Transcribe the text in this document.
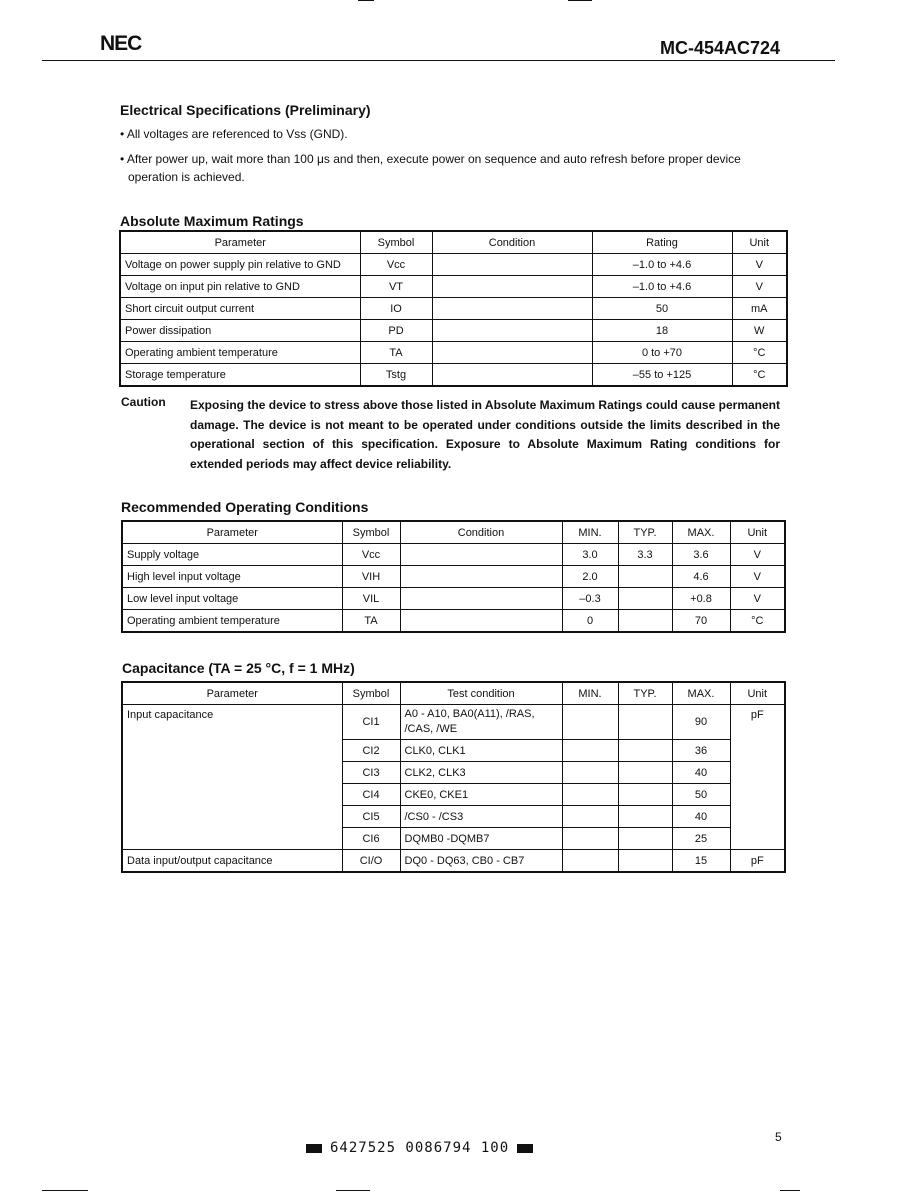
NEC	MC-454AC724
Electrical Specifications (Preliminary)
• All voltages are referenced to Vss (GND).
• After power up, wait more than 100 μs and then, execute power on sequence and auto refresh before proper device
operation is achieved.
Absolute Maximum Ratings
Parameter	Symbol	Condition	Rating	Unit
Voltage on power supply pin relative to GND	Vcc		–1.0 to +4.6	V
Voltage on input pin relative to GND	VT		–1.0 to +4.6	V
Short circuit output current	IO		50	mA
Power dissipation	PD		18	W
Operating ambient temperature	TA		0 to +70	°C
Storage temperature	Tstg		–55 to +125	°C
Caution Exposing the device to stress above those listed in Absolute Maximum Ratings could cause permanent damage. The device is not meant to be operated under conditions outside the limits described in the operational section of this specification. Exposure to Absolute Maximum Rating conditions for extended periods may affect device reliability.
Recommended Operating Conditions
Parameter	Symbol	Condition	MIN.	TYP.	MAX.	Unit
Supply voltage	Vcc		3.0	3.3	3.6	V
High level input voltage	VIH		2.0		4.6	V
Low level input voltage	VIL		–0.3		+0.8	V
Operating ambient temperature	TA		0		70	°C
Capacitance (TA = 25 °C, f = 1 MHz)
Parameter	Symbol	Test condition	MIN.	TYP.	MAX.	Unit
Input capacitance	CI1	A0 - A10, BA0(A11), /RAS,
/CAS, /WE			90	pF
	CI2	CLK0, CLK1			36	
	CI3	CLK2, CLK3			40	
	CI4	CKE0, CKE1			50	
	CI5	/CS0 - /CS3			40	
	CI6	DQMB0 -DQMB7			25	
Data input/output capacitance	CI/O	DQ0 - DQ63, CB0 - CB7			15	pF
5
6427525 0086794 100
